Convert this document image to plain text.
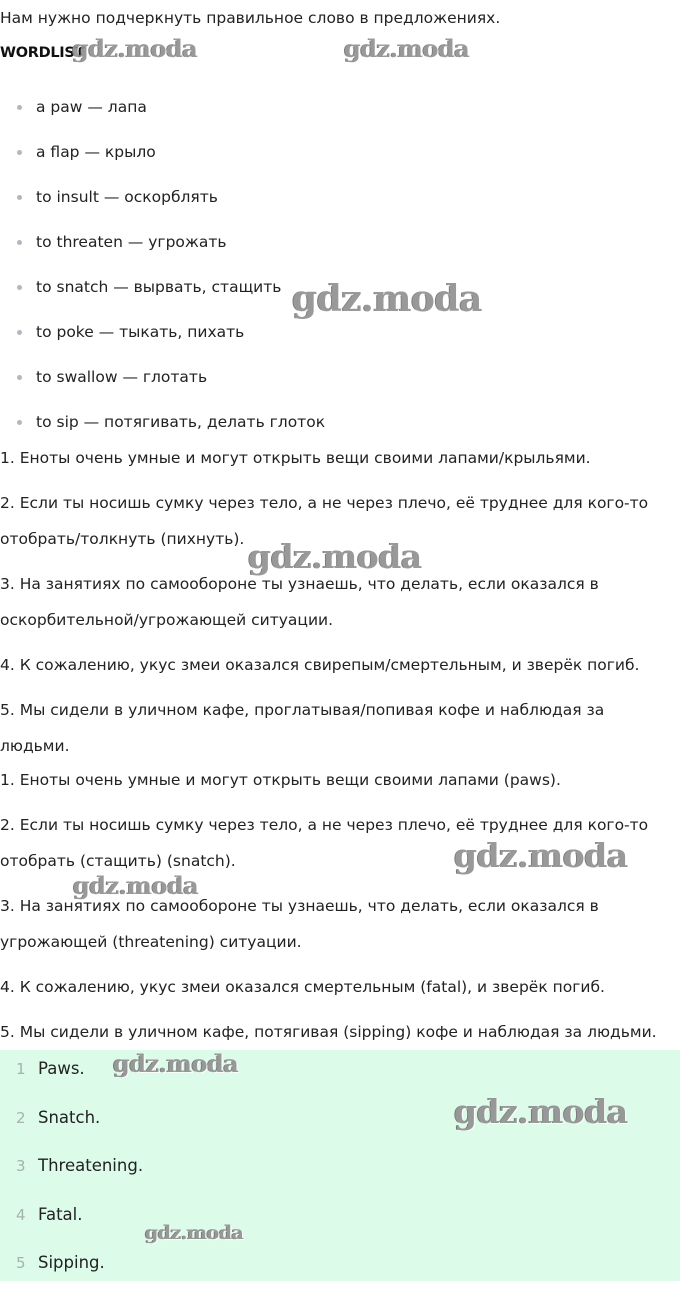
Нам нужно подчеркнуть правильное слово в предложениях.
WORDLIST
a paw — лапа
a flap — крыло
to insult — оскорблять
to threaten — угрожать
to snatch — вырвать, стащить
to poke — тыкать, пихать
to swallow — глотать
to sip — потягивать, делать глоток

1. Еноты очень умные и могут открыть вещи своими лапами/крыльями.

2. Если ты носишь сумку через тело, а не через плечо, её труднее для кого-то
отобрать/толкнуть (пихнуть).

3. На занятиях по самообороне ты узнаешь, что делать, если оказался в
оскорбительной/угрожающей ситуации.

4. К сожалению, укус змеи оказался свирепым/смертельным, и зверёк погиб.

5. Мы сидели в уличном кафе, проглатывая/попивая кофе и наблюдая за
людьми.

1. Еноты очень умные и могут открыть вещи своими лапами (paws).

2. Если ты носишь сумку через тело, а не через плечо, её труднее для кого-то
отобрать (стащить) (snatch).

3. На занятиях по самообороне ты узнаешь, что делать, если оказался в
угрожающей (threatening) ситуации.

4. К сожалению, укус змеи оказался смертельным (fatal), и зверёк погиб.

5. Мы сидели в уличном кафе, потягивая (sipping) кофе и наблюдая за людьми.

1 Paws.
2 Snatch.
3 Threatening.
4 Fatal.
5 Sipping.
gdz.moda	gdz.moda
gdz.moda
gdz.moda
gdz.moda
gdz.moda
gdz.moda
gdz.moda
gdz.moda
